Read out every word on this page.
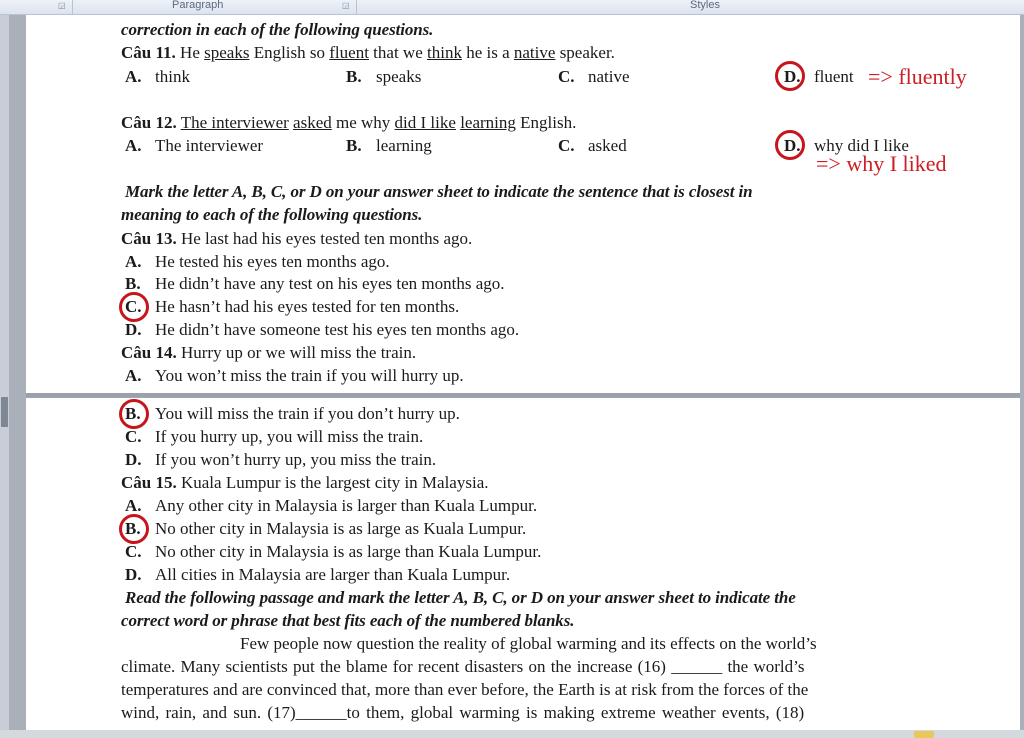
◲	Paragraph	◲	Styles
correction in each of the following questions.
Câu 11. He speaks English so fluent that we think he is a native speaker.
A. think	B. speaks	C. native	D. fluent => fluently
Câu 12. The interviewer asked me why did I like learning English.
A. The interviewer	B. learning	C. asked	D. why did I like
=> why I liked
Mark the letter A, B, C, or D on your answer sheet to indicate the sentence that is closest in
meaning to each of the following questions.
Câu 13. He last had his eyes tested ten months ago.
A. He tested his eyes ten months ago.
B. He didn’t have any test on his eyes ten months ago.
C. He hasn’t had his eyes tested for ten months.
D. He didn’t have someone test his eyes ten months ago.
Câu 14. Hurry up or we will miss the train.
A. You won’t miss the train if you will hurry up.
B. You will miss the train if you don’t hurry up.
C. If you hurry up, you will miss the train.
D. If you won’t hurry up, you miss the train.
Câu 15. Kuala Lumpur is the largest city in Malaysia.
A. Any other city in Malaysia is larger than Kuala Lumpur.
B. No other city in Malaysia is as large as Kuala Lumpur.
C. No other city in Malaysia is as large than Kuala Lumpur.
D. All cities in Malaysia are larger than Kuala Lumpur.
Read the following passage and mark the letter A, B, C, or D on your answer sheet to indicate the
correct word or phrase that best fits each of the numbered blanks.
Few people now question the reality of global warming and its effects on the world’s
climate. Many scientists put the blame for recent disasters on the increase (16) ______ the world’s
temperatures and are convinced that, more than ever before, the Earth is at risk from the forces of the
wind, rain, and sun. (17)______to them, global warming is making extreme weather events, (18)
